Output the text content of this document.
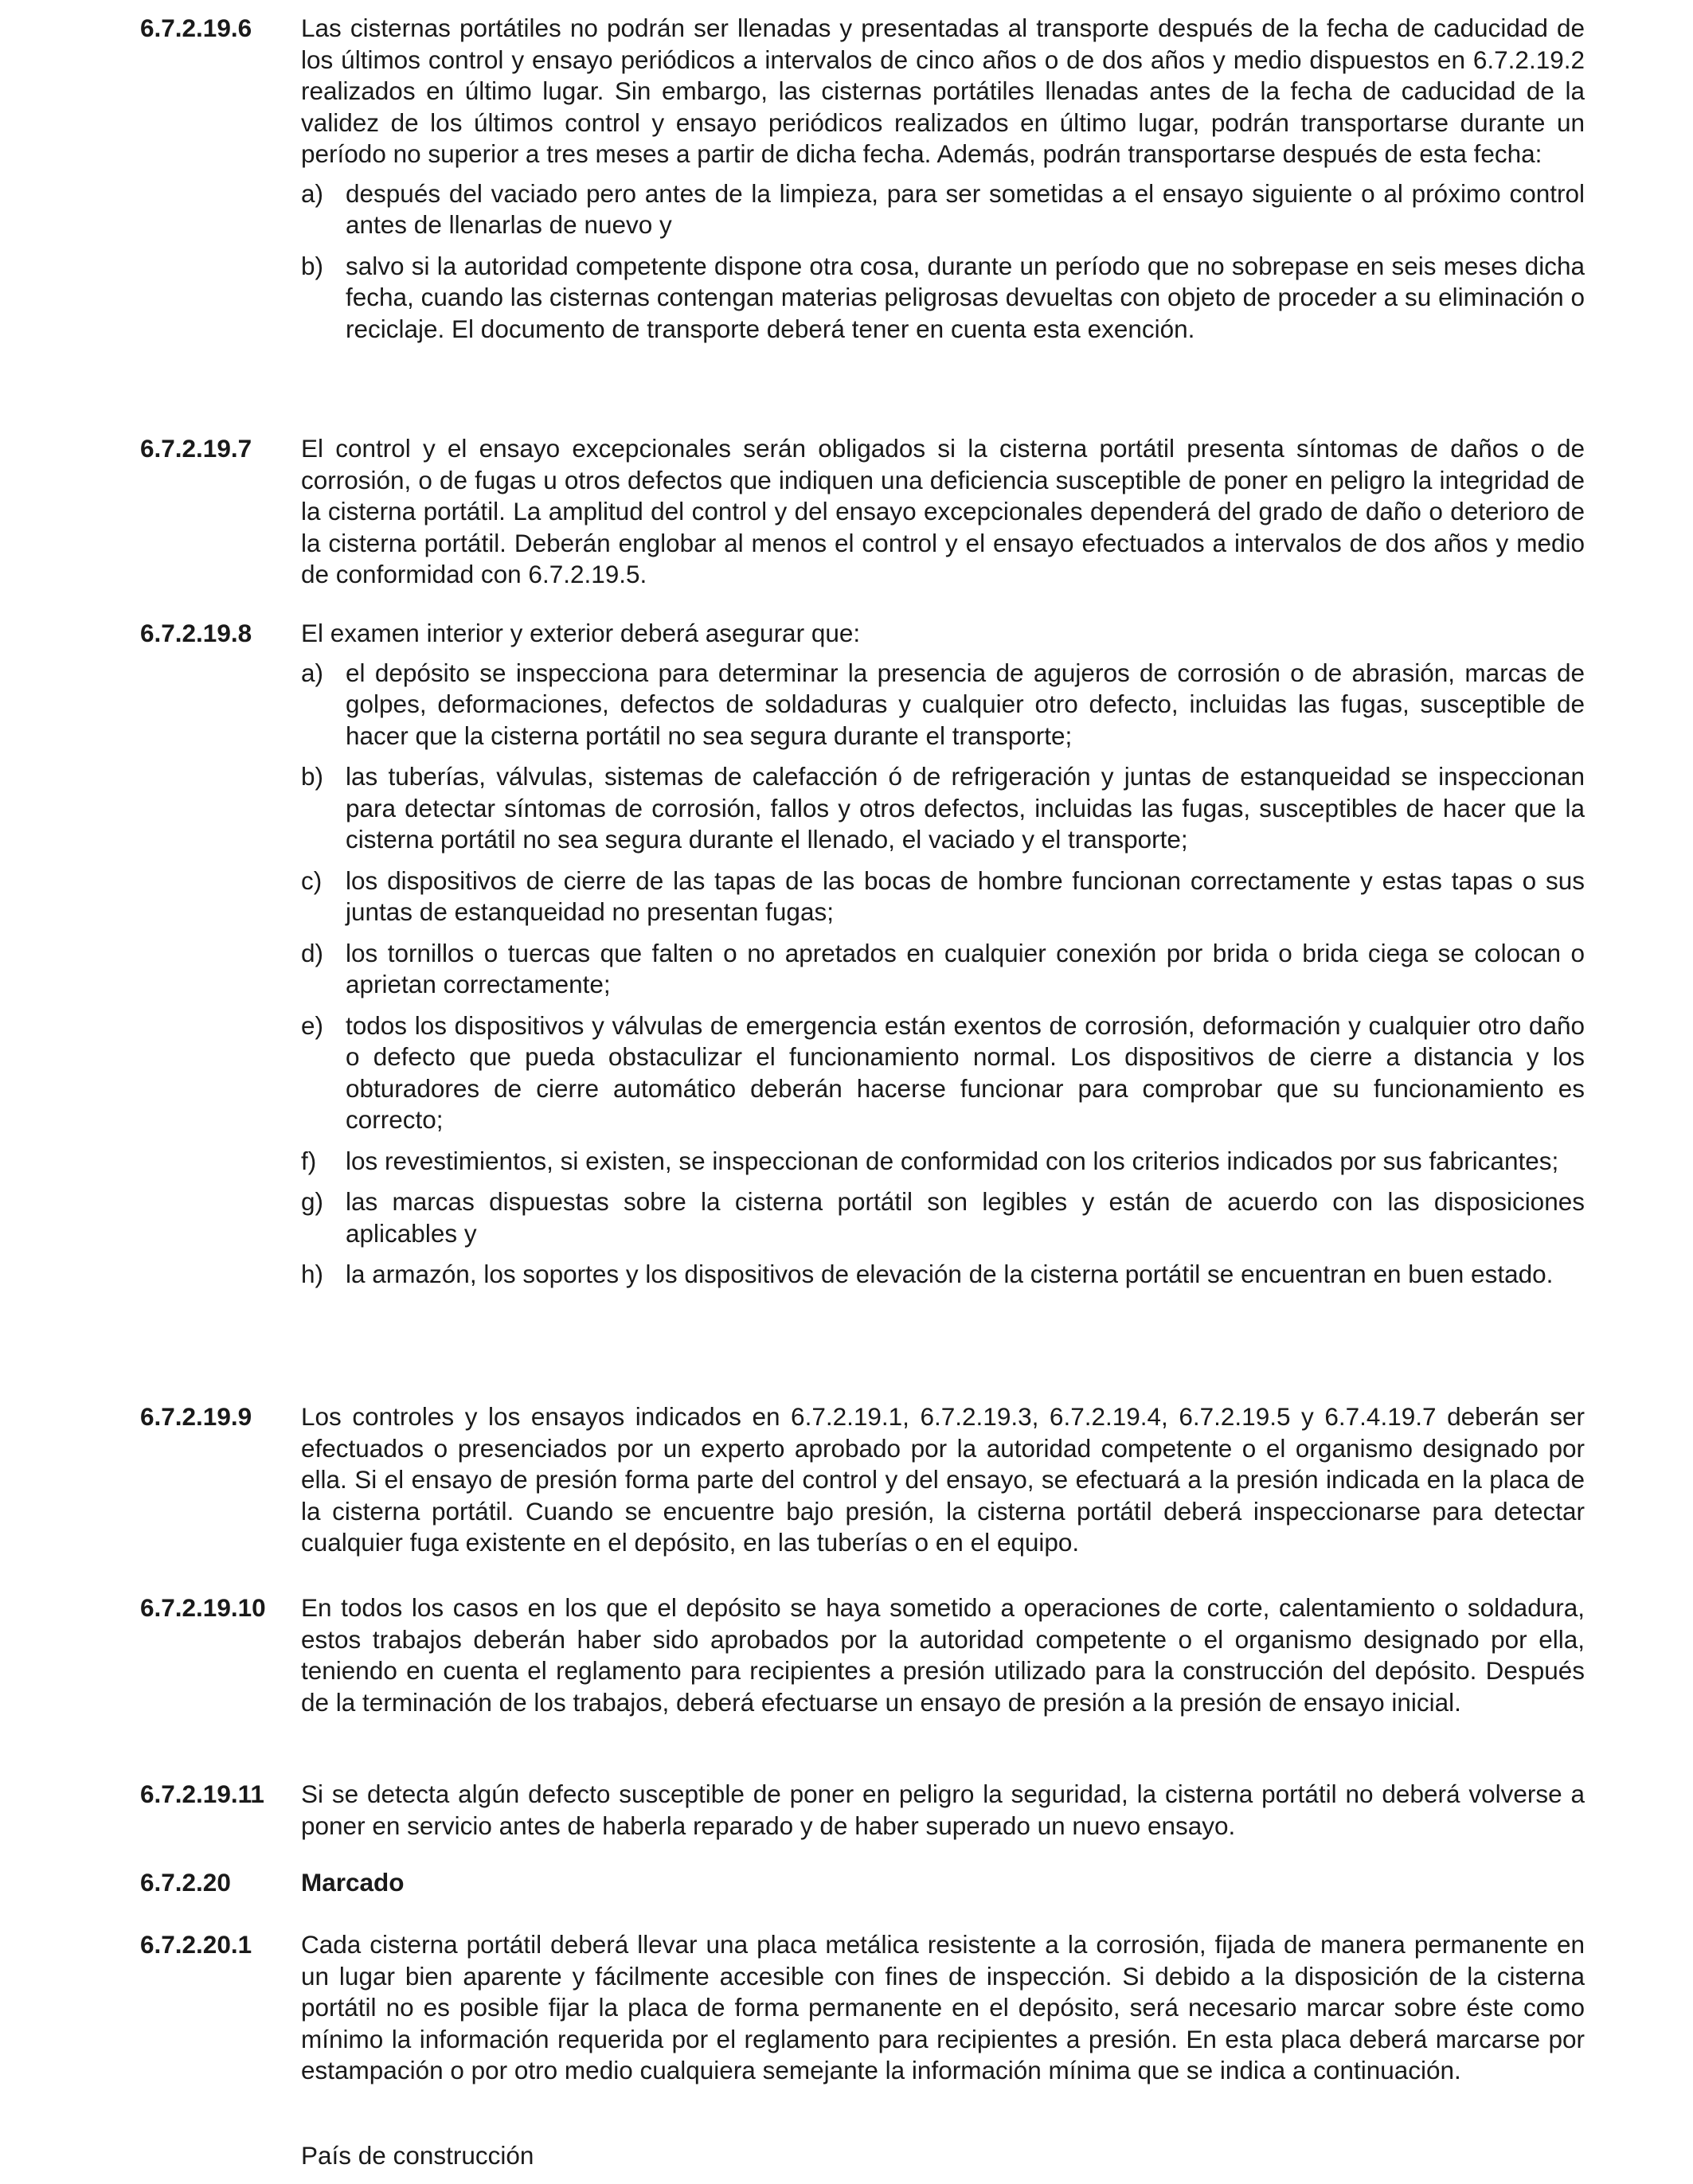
6.7.2.19.6 Las cisternas portátiles no podrán ser llenadas y presentadas al transporte después de la fecha de caducidad de los últimos control y ensayo periódicos a intervalos de cinco años o de dos años y medio dispuestos en 6.7.2.19.2 realizados en último lugar. Sin embargo, las cisternas portátiles llenadas antes de la fecha de caducidad de la validez de los últimos control y ensayo periódicos realizados en último lugar, podrán transportarse durante un período no superior a tres meses a partir de dicha fecha. Además, podrán transportarse después de esta fecha:
a) después del vaciado pero antes de la limpieza, para ser sometidas a el ensayo siguiente o al próximo control antes de llenarlas de nuevo y
b) salvo si la autoridad competente dispone otra cosa, durante un período que no sobrepase en seis meses dicha fecha, cuando las cisternas contengan materias peligrosas devueltas con objeto de proceder a su eliminación o reciclaje. El documento de transporte deberá tener en cuenta esta exención.
6.7.2.19.7 El control y el ensayo excepcionales serán obligados si la cisterna portátil presenta síntomas de daños o de corrosión, o de fugas u otros defectos que indiquen una deficiencia susceptible de poner en peligro la integridad de la cisterna portátil. La amplitud del control y del ensayo excepcionales dependerá del grado de daño o deterioro de la cisterna portátil. Deberán englobar al menos el control y el ensayo efectuados a intervalos de dos años y medio de conformidad con 6.7.2.19.5.
6.7.2.19.8 El examen interior y exterior deberá asegurar que:
a) el depósito se inspecciona para determinar la presencia de agujeros de corrosión o de abrasión, marcas de golpes, deformaciones, defectos de soldaduras y cualquier otro defecto, incluidas las fugas, susceptible de hacer que la cisterna portátil no sea segura durante el transporte;
b) las tuberías, válvulas, sistemas de calefacción ó de refrigeración y juntas de estanqueidad se inspeccionan para detectar síntomas de corrosión, fallos y otros defectos, incluidas las fugas, susceptibles de hacer que la cisterna portátil no sea segura durante el llenado, el vaciado y el transporte;
c) los dispositivos de cierre de las tapas de las bocas de hombre funcionan correctamente y estas tapas o sus juntas de estanqueidad no presentan fugas;
d) los tornillos o tuercas que falten o no apretados en cualquier conexión por brida o brida ciega se colocan o aprietan correctamente;
e) todos los dispositivos y válvulas de emergencia están exentos de corrosión, deformación y cualquier otro daño o defecto que pueda obstaculizar el funcionamiento normal. Los dispositivos de cierre a distancia y los obturadores de cierre automático deberán hacerse funcionar para comprobar que su funcionamiento es correcto;
f) los revestimientos, si existen, se inspeccionan de conformidad con los criterios indicados por sus fabricantes;
g) las marcas dispuestas sobre la cisterna portátil son legibles y están de acuerdo con las disposiciones aplicables y
h) la armazón, los soportes y los dispositivos de elevación de la cisterna portátil se encuentran en buen estado.
6.7.2.19.9 Los controles y los ensayos indicados en 6.7.2.19.1, 6.7.2.19.3, 6.7.2.19.4, 6.7.2.19.5 y 6.7.4.19.7 deberán ser efectuados o presenciados por un experto aprobado por la autoridad competente o el organismo designado por ella. Si el ensayo de presión forma parte del control y del ensayo, se efectuará a la presión indicada en la placa de la cisterna portátil. Cuando se encuentre bajo presión, la cisterna portátil deberá inspeccionarse para detectar cualquier fuga existente en el depósito, en las tuberías o en el equipo.
6.7.2.19.10 En todos los casos en los que el depósito se haya sometido a operaciones de corte, calentamiento o soldadura, estos trabajos deberán haber sido aprobados por la autoridad competente o el organismo designado por ella, teniendo en cuenta el reglamento para recipientes a presión utilizado para la construcción del depósito. Después de la terminación de los trabajos, deberá efectuarse un ensayo de presión a la presión de ensayo inicial.
6.7.2.19.11 Si se detecta algún defecto susceptible de poner en peligro la seguridad, la cisterna portátil no deberá volverse a poner en servicio antes de haberla reparado y de haber superado un nuevo ensayo.
6.7.2.20	Marcado
6.7.2.20.1 Cada cisterna portátil deberá llevar una placa metálica resistente a la corrosión, fijada de manera permanente en un lugar bien aparente y fácilmente accesible con fines de inspección. Si debido a la disposición de la cisterna portátil no es posible fijar la placa de forma permanente en el depósito, será necesario marcar sobre éste como mínimo la información requerida por el reglamento para recipientes a presión. En esta placa deberá marcarse por estampación o por otro medio cualquiera semejante la información mínima que se indica a continuación.
País de construcción
